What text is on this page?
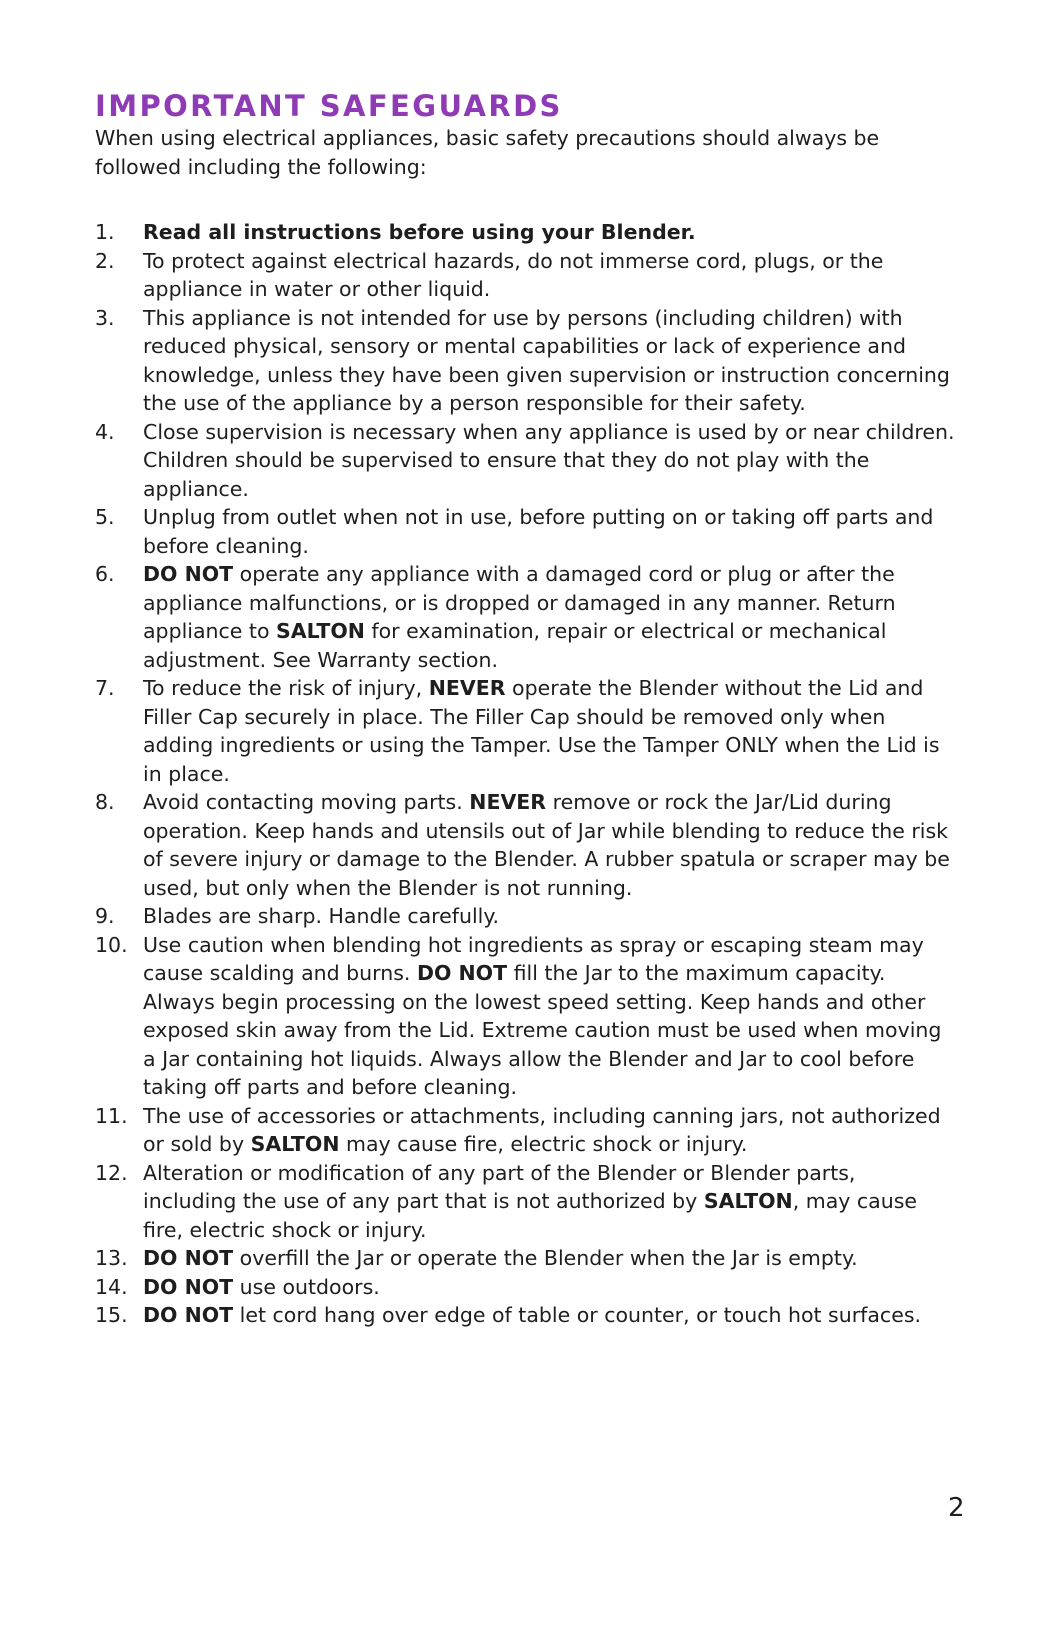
IMPORTANT SAFEGUARDS

When using electrical appliances, basic safety precautions should always be followed including the following:

1.	Read all instructions before using your Blender.
2.	To protect against electrical hazards, do not immerse cord, plugs, or the appliance in water or other liquid.
3.	This appliance is not intended for use by persons (including children) with reduced physical, sensory or mental capabilities or lack of experience and knowledge, unless they have been given supervision or instruction concerning the use of the appliance by a person responsible for their safety.
4.	Close supervision is necessary when any appliance is used by or near children. Children should be supervised to ensure that they do not play with the appliance.
5.	Unplug from outlet when not in use, before putting on or taking off parts and before cleaning.
6.	DO NOT operate any appliance with a damaged cord or plug or after the appliance malfunctions, or is dropped or damaged in any manner. Return appliance to SALTON for examination, repair or electrical or mechanical adjustment. See Warranty section.
7.	To reduce the risk of injury, NEVER operate the Blender without the Lid and Filler Cap securely in place. The Filler Cap should be removed only when adding ingredients or using the Tamper. Use the Tamper ONLY when the Lid is in place.
8.	Avoid contacting moving parts. NEVER remove or rock the Jar/Lid during operation. Keep hands and utensils out of Jar while blending to reduce the risk of severe injury or damage to the Blender. A rubber spatula or scraper may be used, but only when the Blender is not running.
9.	Blades are sharp. Handle carefully.
10. Use caution when blending hot ingredients as spray or escaping steam may cause scalding and burns. DO NOT fill the Jar to the maximum capacity. Always begin processing on the lowest speed setting. Keep hands and other exposed skin away from the Lid. Extreme caution must be used when moving a Jar containing hot liquids. Always allow the Blender and Jar to cool before taking off parts and before cleaning.
11. The use of accessories or attachments, including canning jars, not authorized or sold by SALTON may cause fire, electric shock or injury.
12. Alteration or modification of any part of the Blender or Blender parts, including the use of any part that is not authorized by SALTON, may cause fire, electric shock or injury.
13. DO NOT overfill the Jar or operate the Blender when the Jar is empty.
14. DO NOT use outdoors.
15. DO NOT let cord hang over edge of table or counter, or touch hot surfaces.
2
